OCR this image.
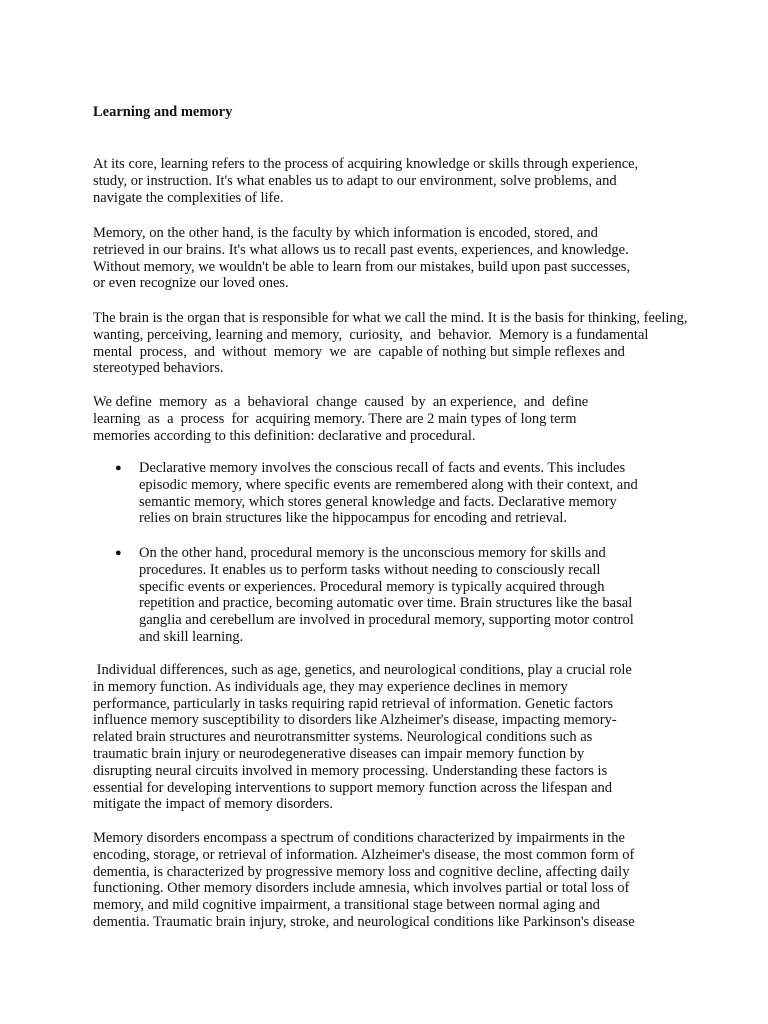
Learning and memory

At its core, learning refers to the process of acquiring knowledge or skills through experience,

study, or instruction. It's what enables us to adapt to our environment, solve problems, and

navigate the complexities of life.

Memory, on the other hand, is the faculty by which information is encoded, stored, and

retrieved in our brains. It's what allows us to recall past events, experiences, and knowledge.

Without memory, we wouldn't be able to learn from our mistakes, build upon past successes,

or even recognize our loved ones.

The brain is the organ that is responsible for what we call the mind. It is the basis for thinking, feeling,

wanting, perceiving, learning and memory,  curiosity,  and  behavior.  Memory is a fundamental

mental  process,  and  without  memory  we  are  capable of nothing but simple reflexes and

stereotyped behaviors.

We define  memory  as  a  behavioral  change  caused  by  an experience,  and  define

learning  as  a  process  for  acquiring memory. There are 2 main types of long term

memories according to this definition: declarative and procedural.

● Declarative memory involves the conscious recall of facts and events. This includes

episodic memory, where specific events are remembered along with their context, and

semantic memory, which stores general knowledge and facts. Declarative memory

relies on brain structures like the hippocampus for encoding and retrieval.

● On the other hand, procedural memory is the unconscious memory for skills and

procedures. It enables us to perform tasks without needing to consciously recall

specific events or experiences. Procedural memory is typically acquired through

repetition and practice, becoming automatic over time. Brain structures like the basal

ganglia and cerebellum are involved in procedural memory, supporting motor control

and skill learning.

Individual differences, such as age, genetics, and neurological conditions, play a crucial role

in memory function. As individuals age, they may experience declines in memory

performance, particularly in tasks requiring rapid retrieval of information. Genetic factors

influence memory susceptibility to disorders like Alzheimer's disease, impacting memory-

related brain structures and neurotransmitter systems. Neurological conditions such as

traumatic brain injury or neurodegenerative diseases can impair memory function by

disrupting neural circuits involved in memory processing. Understanding these factors is

essential for developing interventions to support memory function across the lifespan and

mitigate the impact of memory disorders.

Memory disorders encompass a spectrum of conditions characterized by impairments in the

encoding, storage, or retrieval of information. Alzheimer's disease, the most common form of

dementia, is characterized by progressive memory loss and cognitive decline, affecting daily

functioning. Other memory disorders include amnesia, which involves partial or total loss of

memory, and mild cognitive impairment, a transitional stage between normal aging and

dementia. Traumatic brain injury, stroke, and neurological conditions like Parkinson's disease
